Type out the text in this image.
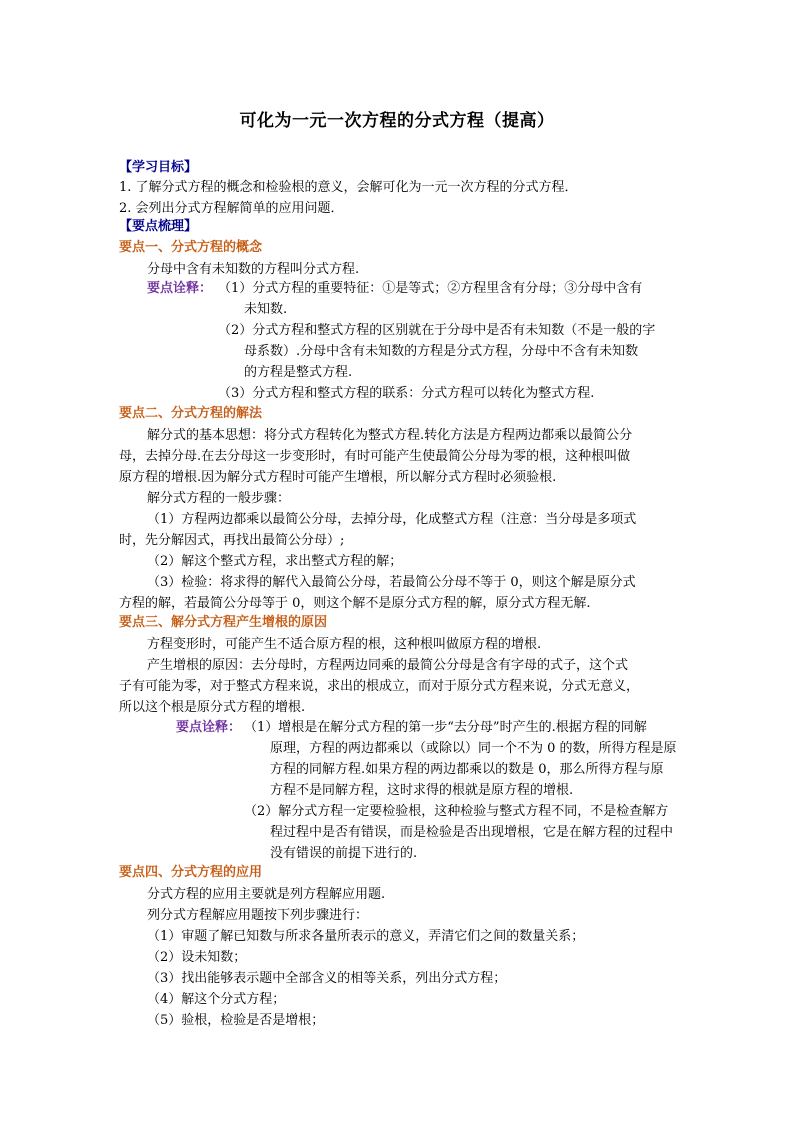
可化为一元一次方程的分式方程（提高）
【学习目标】
1. 了解分式方程的概念和检验根的意义，会解可化为一元一次方程的分式方程．
2. 会列出分式方程解简单的应用问题．
【要点梳理】
要点一、分式方程的概念
分母中含有未知数的方程叫分式方程.
要点诠释： （1）分式方程的重要特征：①是等式；②方程里含有分母；③分母中含有
未知数.
（2）分式方程和整式方程的区别就在于分母中是否有未知数（不是一般的字
母系数）.分母中含有未知数的方程是分式方程，分母中不含有未知数
的方程是整式方程.
（3）分式方程和整式方程的联系：分式方程可以转化为整式方程.
要点二、分式方程的解法
解分式的基本思想：将分式方程转化为整式方程.转化方法是方程两边都乘以最简公分
母，去掉分母.在去分母这一步变形时，有时可能产生使最简公分母为零的根，这种根叫做
原方程的增根.因为解分式方程时可能产生增根，所以解分式方程时必须验根.
解分式方程的一般步骤：
（1）方程两边都乘以最简公分母，去掉分母，化成整式方程（注意：当分母是多项式
时，先分解因式，再找出最简公分母）;
（2）解这个整式方程，求出整式方程的解；
（3）检验：将求得的解代入最简公分母，若最简公分母不等于 0，则这个解是原分式
方程的解，若最简公分母等于 0，则这个解不是原分式方程的解，原分式方程无解.
要点三、解分式方程产生增根的原因
方程变形时，可能产生不适合原方程的根，这种根叫做原方程的增根.
产生增根的原因：去分母时，方程两边同乘的最简公分母是含有字母的式子，这个式
子有可能为零，对于整式方程来说，求出的根成立，而对于原分式方程来说，分式无意义，
所以这个根是原分式方程的增根.
要点诠释： （1）增根是在解分式方程的第一步“去分母”时产生的.根据方程的同解
原理，方程的两边都乘以（或除以）同一个不为 0 的数，所得方程是原
方程的同解方程.如果方程的两边都乘以的数是 0，那么所得方程与原
方程不是同解方程，这时求得的根就是原方程的增根.
（2）解分式方程一定要检验根，这种检验与整式方程不同，不是检查解方
程过程中是否有错误，而是检验是否出现增根，它是在解方程的过程中
没有错误的前提下进行的.
要点四、分式方程的应用
分式方程的应用主要就是列方程解应用题.
列分式方程解应用题按下列步骤进行：
（1）审题了解已知数与所求各量所表示的意义，弄清它们之间的数量关系；
（2）设未知数；
（3）找出能够表示题中全部含义的相等关系，列出分式方程；
（4）解这个分式方程；
（5）验根，检验是否是增根；
